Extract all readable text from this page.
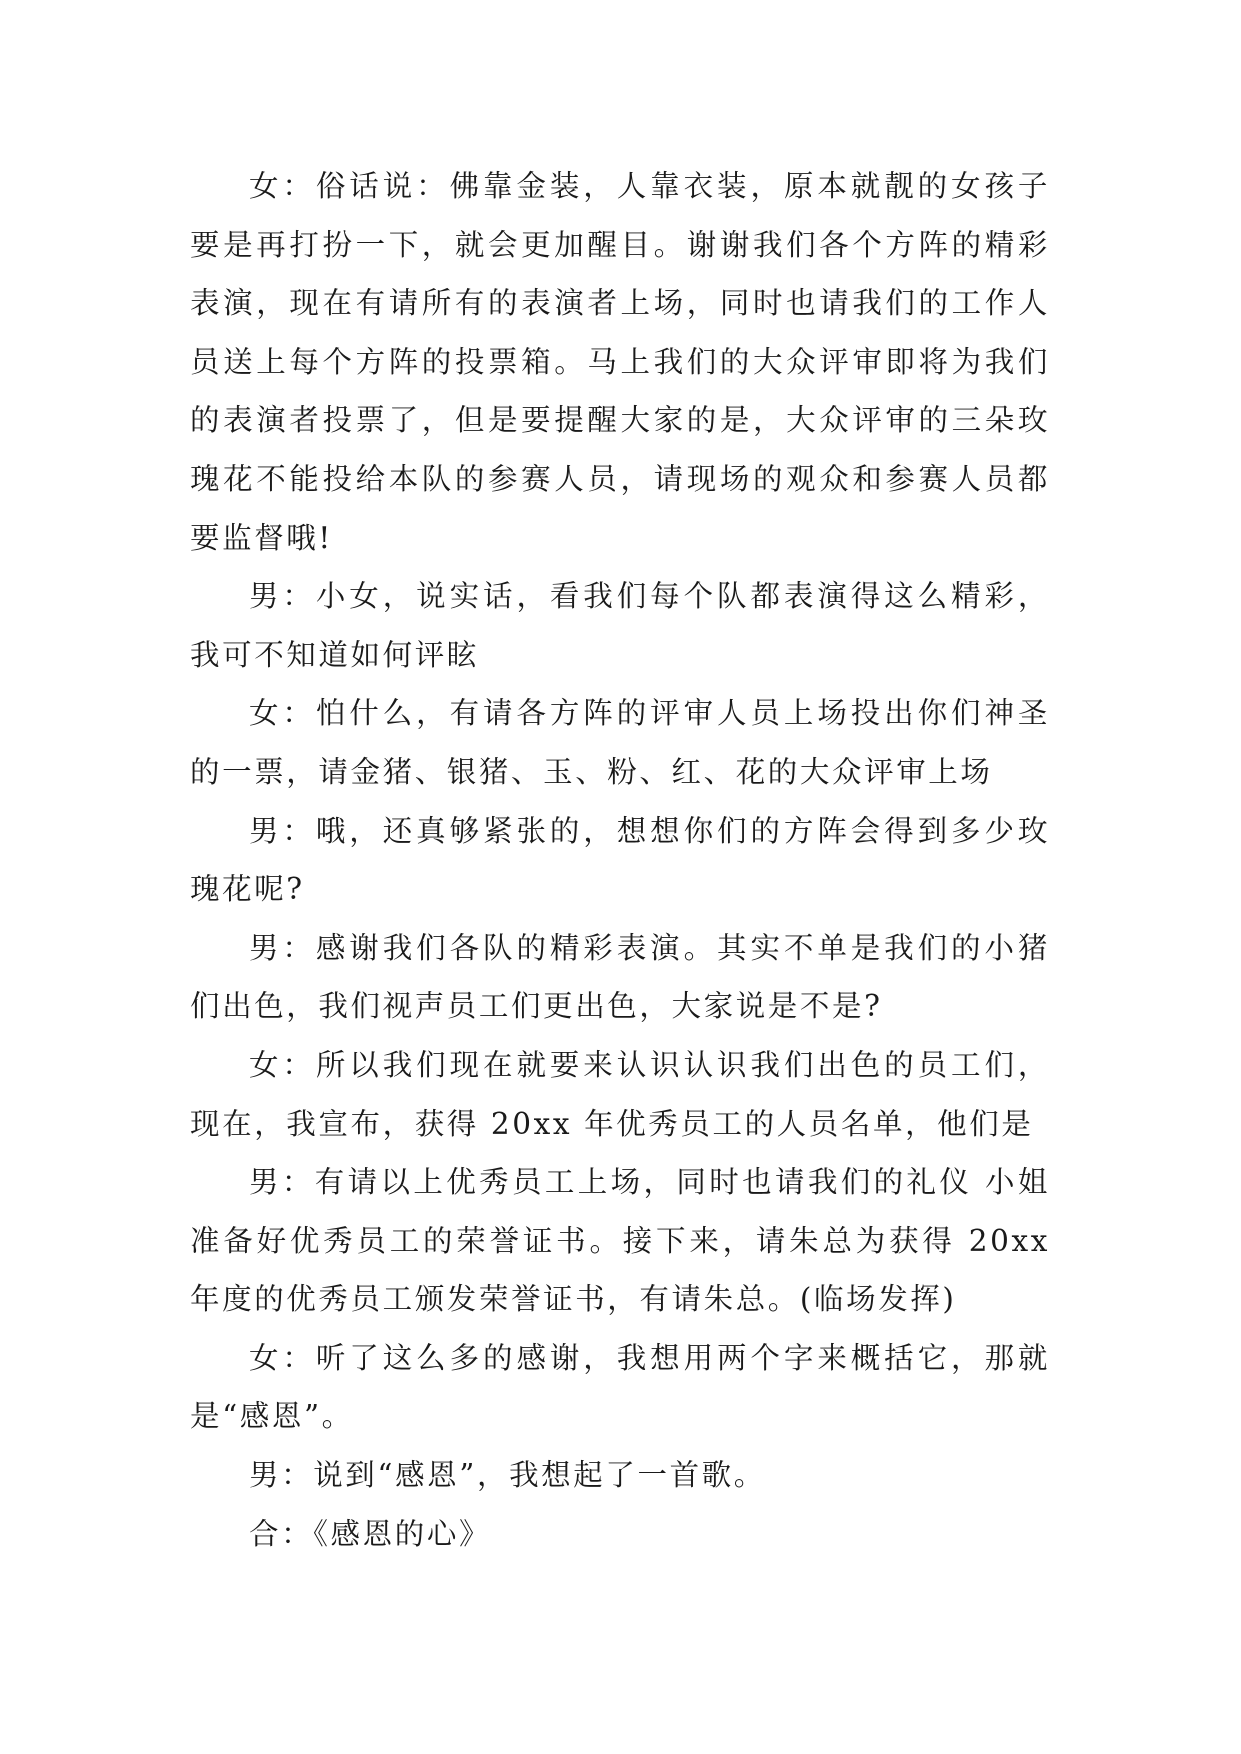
女：俗话说：佛靠金装，人靠衣装，原本就靓的女孩子要是再打扮一下，就会更加醒目。谢谢我们各个方阵的精彩表演，现在有请所有的表演者上场，同时也请我们的工作人员送上每个方阵的投票箱。马上我们的大众评审即将为我们的表演者投票了，但是要提醒大家的是，大众评审的三朵玫瑰花不能投给本队的参赛人员，请现场的观众和参赛人员都要监督哦!

男：小女，说实话，看我们每个队都表演得这么精彩，我可不知道如何评眩

女：怕什么，有请各方阵的评审人员上场投出你们神圣的一票，请金猪、银猪、玉、粉、红、花的大众评审上场

男：哦，还真够紧张的，想想你们的方阵会得到多少玫瑰花呢?

男：感谢我们各队的精彩表演。其实不单是我们的小猪们出色，我们视声员工们更出色，大家说是不是?

女：所以我们现在就要来认识认识我们出色的员工们，现在，我宣布，获得 20xx 年优秀员工的人员名单，他们是

男：有请以上优秀员工上场，同时也请我们的礼仪 小姐准备好优秀员工的荣誉证书。接下来，请朱总为获得 20xx 年度的优秀员工颁发荣誉证书，有请朱总。(临场发挥)

女：听了这么多的感谢，我想用两个字来概括它，那就是“感恩”。

男：说到“感恩”，我想起了一首歌。

合：《感恩的心》
